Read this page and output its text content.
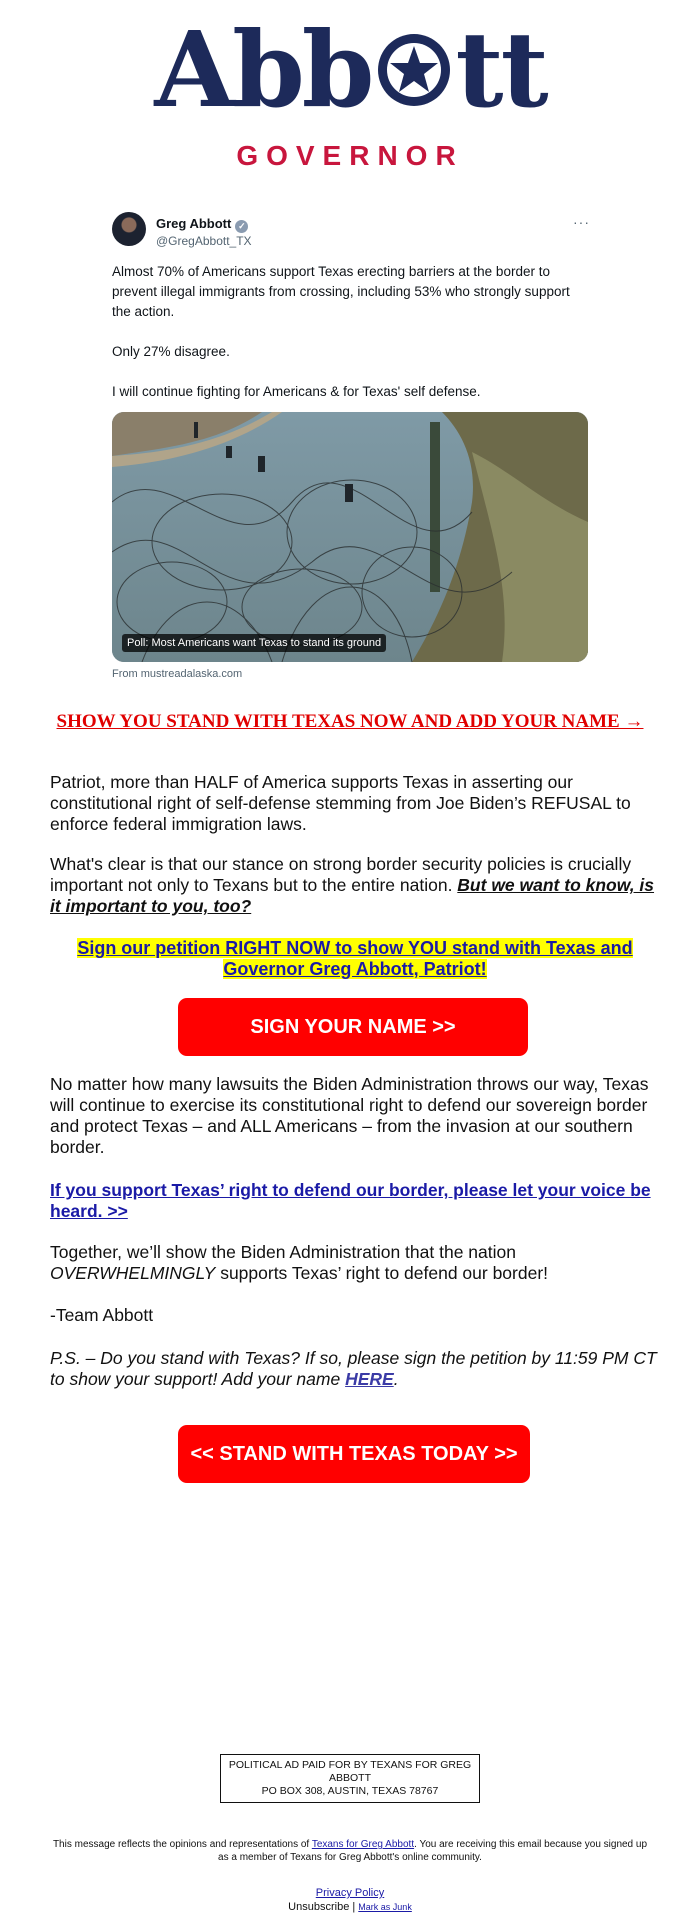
Abb tt
GOVERNOR
Greg Abbott ✓
@GregAbbott_TX
···

Almost 70% of Americans support Texas erecting barriers at the border to prevent illegal immigrants from crossing, including 53% who strongly support the action.

Only 27% disagree.

I will continue fighting for Americans & for Texas' self defense.

Poll: Most Americans want Texas to stand its ground
From mustreadalaska.com
SHOW YOU STAND WITH TEXAS NOW AND ADD YOUR NAME →

Patriot, more than HALF of America supports Texas in asserting our constitutional right of self-defense stemming from Joe Biden’s REFUSAL to enforce federal immigration laws.

What's clear is that our stance on strong border security policies is crucially important not only to Texans but to the entire nation. But we want to know, is it important to you, too?

Sign our petition RIGHT NOW to show YOU stand with Texas and Governor Greg Abbott, Patriot!
SIGN YOUR NAME >>

No matter how many lawsuits the Biden Administration throws our way, Texas will continue to exercise its constitutional right to defend our sovereign border and protect Texas – and ALL Americans – from the invasion at our southern border.

If you support Texas’ right to defend our border, please let your voice be heard. >>

Together, we’ll show the Biden Administration that the nation OVERWHELMINGLY supports Texas’ right to defend our border!

-Team Abbott

P.S. – Do you stand with Texas? If so, please sign the petition by 11:59 PM CT to show your support! Add your name HERE.

<< STAND WITH TEXAS TODAY >>
POLITICAL AD PAID FOR BY TEXANS FOR GREG ABBOTT
PO BOX 308, AUSTIN, TEXAS 78767
This message reflects the opinions and representations of Texans for Greg Abbott. You are receiving this email because you signed up as a member of Texans for Greg Abbott's online community.
Privacy Policy
Unsubscribe | Mark as Junk
